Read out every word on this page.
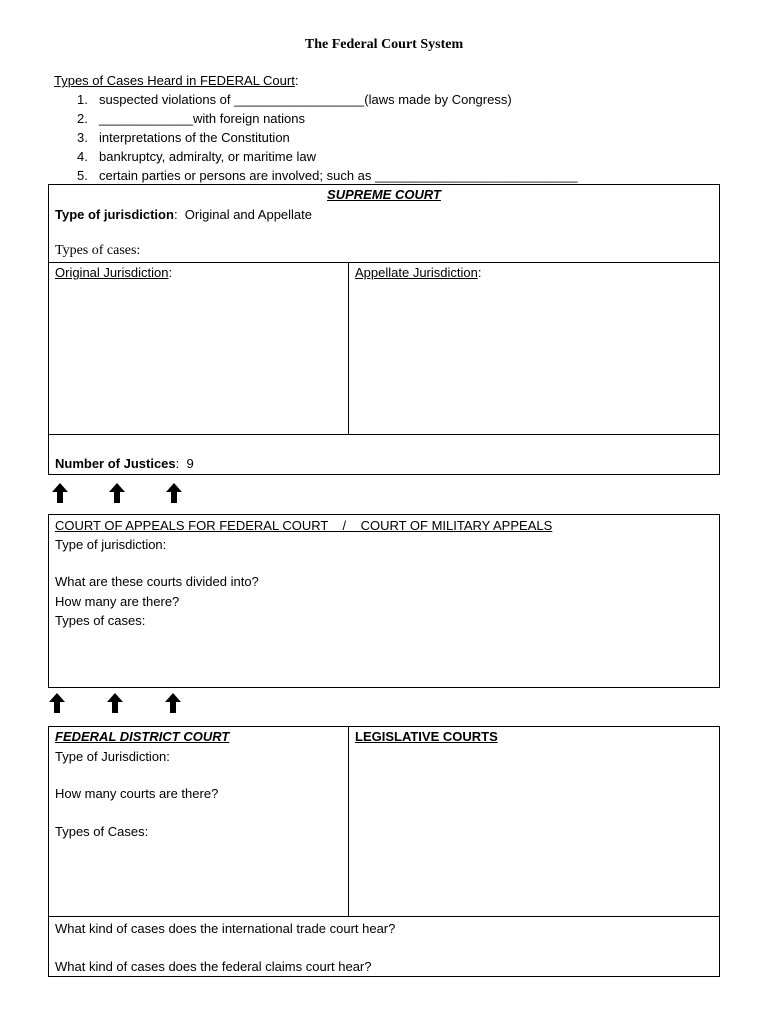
The Federal Court System
Types of Cases Heard in FEDERAL Court:
1. suspected violations of __________________(laws made by Congress)
2. _____________with foreign nations
3. interpretations of the Constitution
4. bankruptcy, admiralty, or maritime law
5. certain parties or persons are involved; such as ____________________________
SUPREME COURT
Type of jurisdiction: Original and Appellate
Types of cases:
Original Jurisdiction:	Appellate Jurisdiction:
Number of Justices: 9
COURT OF APPEALS FOR FEDERAL COURT    /    COURT OF MILITARY APPEALS
Type of jurisdiction:
What are these courts divided into?
How many are there?
Types of cases:
FEDERAL DISTRICT COURT
Type of Jurisdiction:
How many courts are there?
Types of Cases:
LEGISLATIVE COURTS
What kind of cases does the international trade court hear?
What kind of cases does the federal claims court hear?
